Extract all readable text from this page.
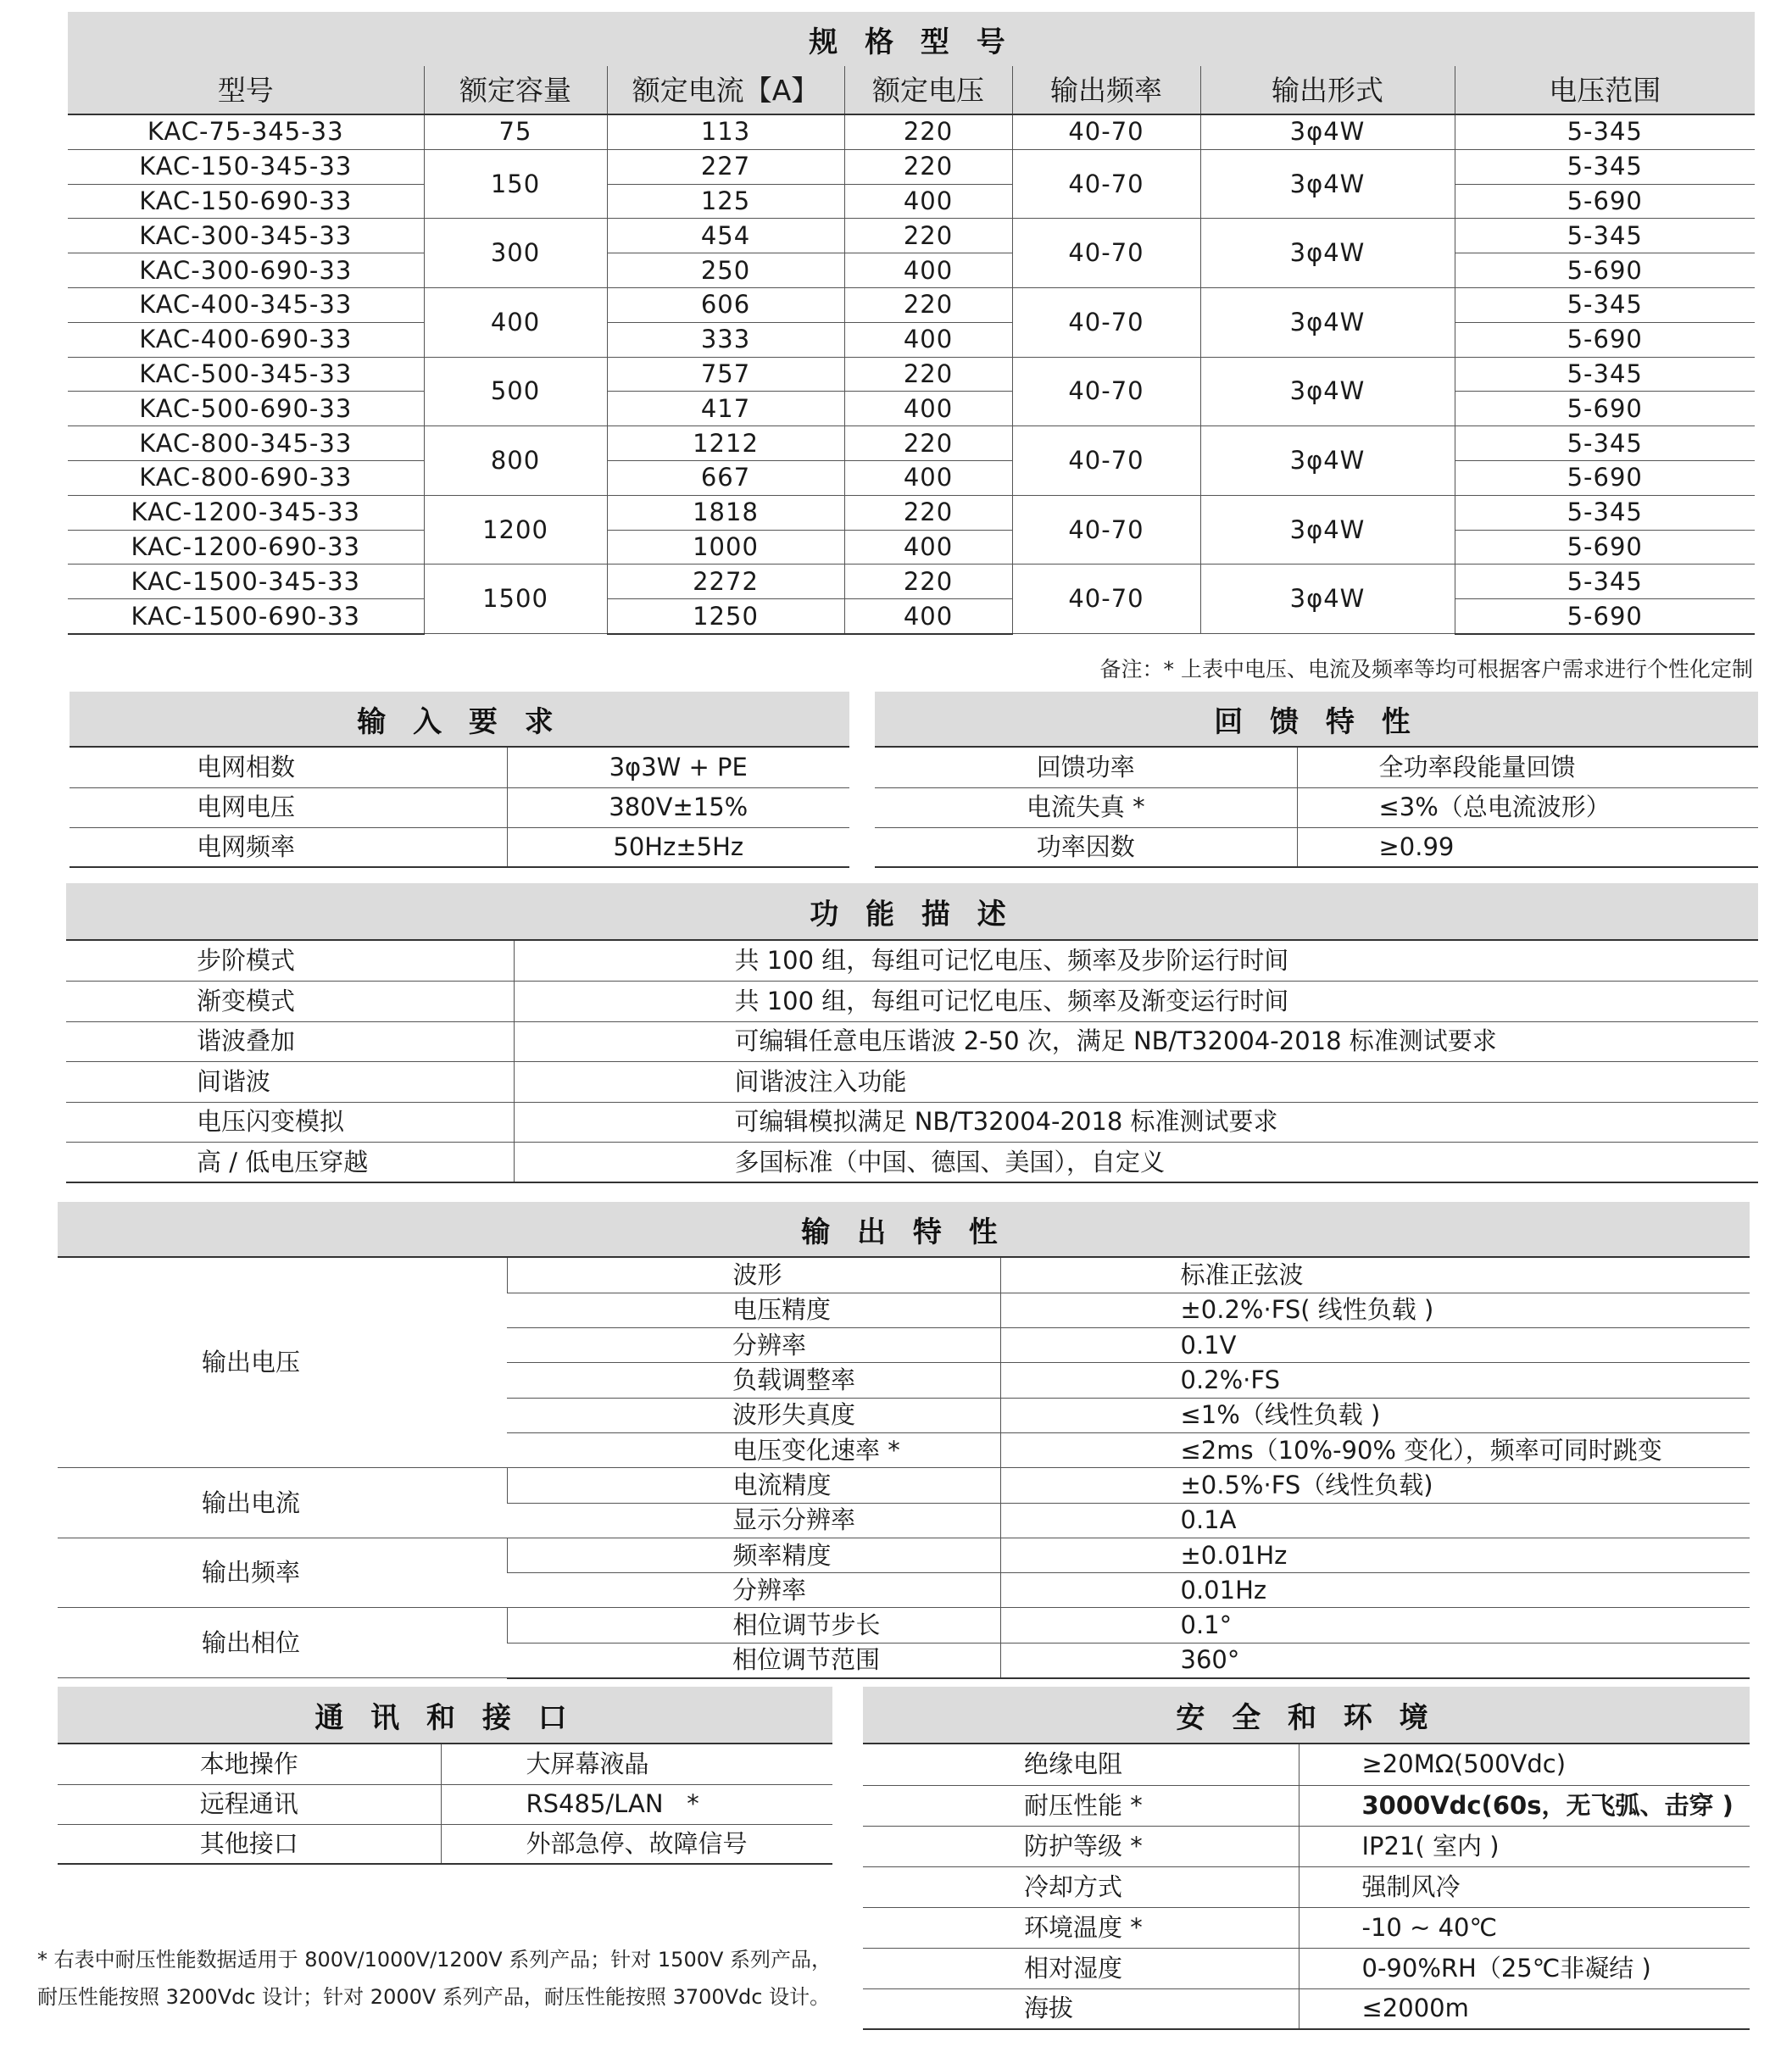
规 格 型 号
型号	额定容量	额定电流【A】	额定电压	输出频率	输出形式	电压范围
KAC-75-345-33	75	113	220	40-70	3φ4W	5-345
KAC-150-345-33	150	227	220	40-70	3φ4W	5-345
KAC-150-690-33		125	400			5-690
KAC-300-345-33	300	454	220	40-70	3φ4W	5-345
KAC-300-690-33		250	400			5-690
KAC-400-345-33	400	606	220	40-70	3φ4W	5-345
KAC-400-690-33		333	400			5-690
KAC-500-345-33	500	757	220	40-70	3φ4W	5-345
KAC-500-690-33		417	400			5-690
KAC-800-345-33	800	1212	220	40-70	3φ4W	5-345
KAC-800-690-33		667	400			5-690
KAC-1200-345-33	1200	1818	220	40-70	3φ4W	5-345
KAC-1200-690-33		1000	400			5-690
KAC-1500-345-33	1500	2272	220	40-70	3φ4W	5-345
KAC-1500-690-33		1250	400			5-690
备注：* 上表中电压、电流及频率等均可根据客户需求进行个性化定制
输 入 要 求
电网相数	3φ3W + PE
电网电压	380V±15%
电网频率	50Hz±5Hz
回 馈 特 性
回馈功率	全功率段能量回馈
电流失真 *	≤3%（总电流波形）
功率因数	≥0.99
功 能 描 述
步阶模式	共 100 组，每组可记忆电压、频率及步阶运行时间
渐变模式	共 100 组，每组可记忆电压、频率及渐变运行时间
谐波叠加	可编辑任意电压谐波 2-50 次，满足 NB/T32004-2018 标准测试要求
间谐波	间谐波注入功能
电压闪变模拟	可编辑模拟满足 NB/T32004-2018 标准测试要求
高 / 低电压穿越	多国标准（中国、德国、美国），自定义
输 出 特 性
输出电压	波形	标准正弦波
	电压精度	±0.2%·FS( 线性负载 )
	分辨率	0.1V
	负载调整率	0.2%·FS
	波形失真度	≤1%（线性负载 )
	电压变化速率 *	≤2ms（10%-90% 变化），频率可同时跳变
输出电流	电流精度	±0.5%·FS（线性负载)
	显示分辨率	0.1A
输出频率	频率精度	±0.01Hz
	分辨率	0.01Hz
输出相位	相位调节步长	0.1°
	相位调节范围	360°
通 讯 和 接 口
本地操作	大屏幕液晶
远程通讯	RS485/LAN   *
其他接口	外部急停、故障信号
安 全 和 环 境
绝缘电阻	≥20MΩ(500Vdc)
耐压性能 *	3000Vdc(60s，无飞弧、击穿 )
防护等级 *	IP21( 室内 )
冷却方式	强制风冷
环境温度 *	-10 ~ 40℃
相对湿度	0-90%RH（25℃非凝结 )
海拔	≤2000m
* 右表中耐压性能数据适用于 800V/1000V/1200V 系列产品；针对 1500V 系列产品，
耐压性能按照 3200Vdc 设计；针对 2000V 系列产品，耐压性能按照 3700Vdc 设计。
